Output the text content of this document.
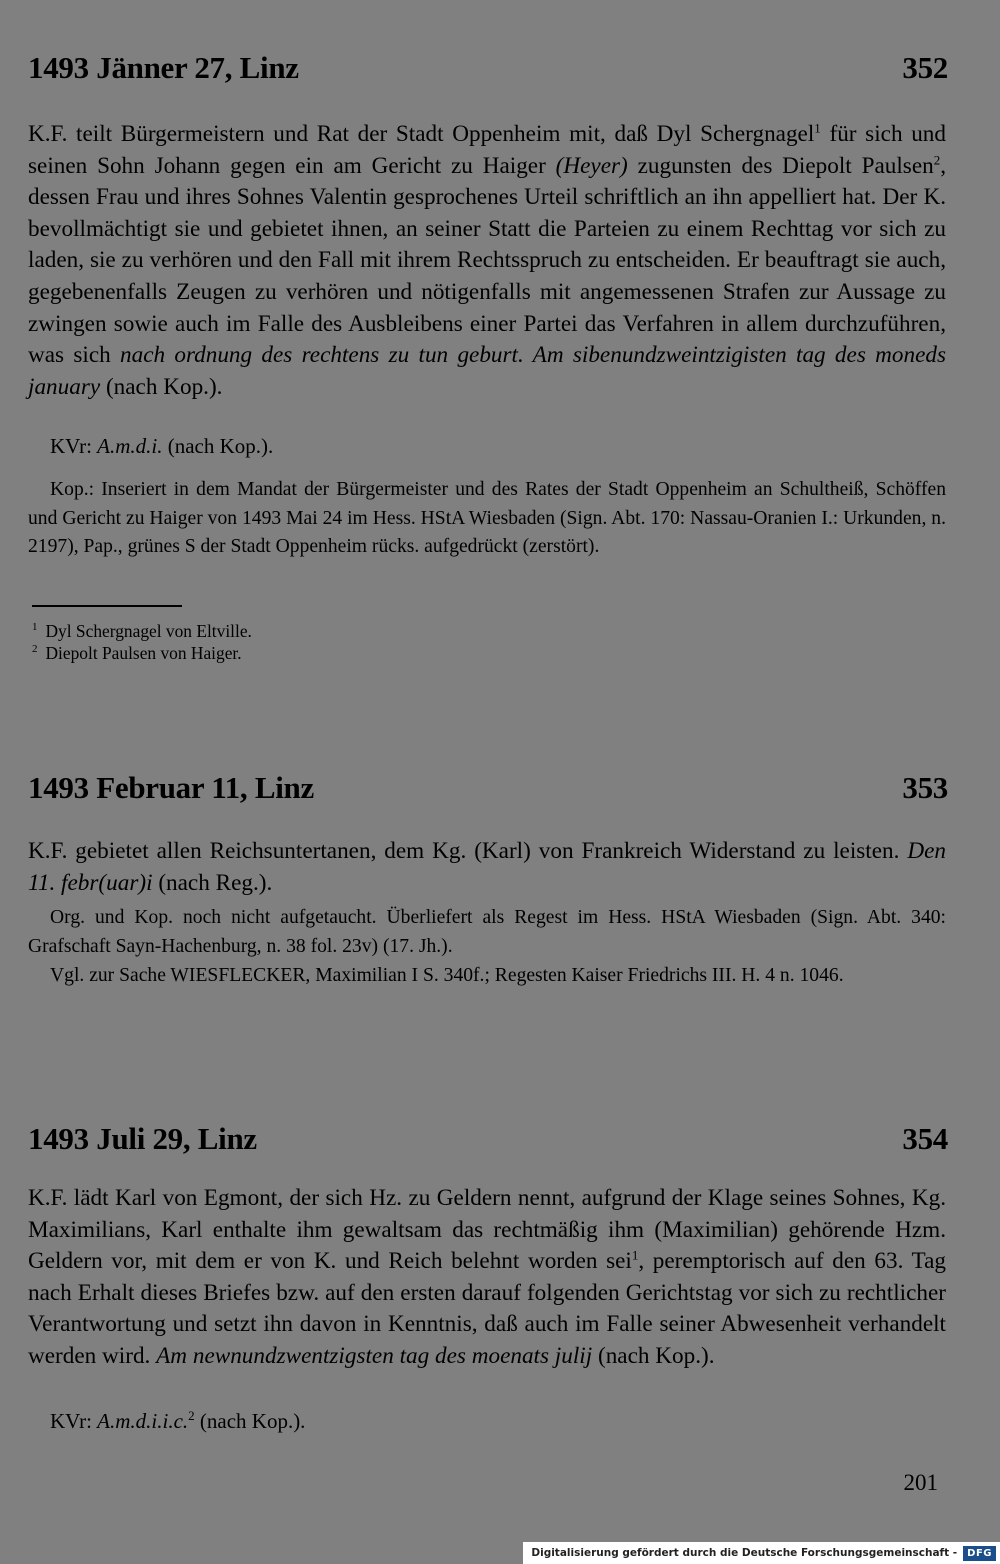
1493 Jänner 27, Linz	352

K.F. teilt Bürgermeistern und Rat der Stadt Oppenheim mit, daß Dyl Schergnagel$^1$ für sich und seinen Sohn Johann gegen ein am Gericht zu Haiger (Heyer) zugunsten des Diepolt Paulsen$^2$, dessen Frau und ihres Sohnes Valentin gesprochenes Urteil schriftlich an ihn appelliert hat. Der K. bevollmächtigt sie und gebietet ihnen, an seiner Statt die Parteien zu einem Rechttag vor sich zu laden, sie zu verhören und den Fall mit ihrem Rechtsspruch zu entscheiden. Er beauftragt sie auch, gegebenenfalls Zeugen zu verhören und nötigenfalls mit angemessenen Strafen zur Aussage zu zwingen sowie auch im Falle des Ausbleibens einer Partei das Verfahren in allem durchzuführen, was sich nach ordnung des rechtens zu tun geburt. Am sibenundzweintzigisten tag des moneds january (nach Kop.).

KVr: A.m.d.i. (nach Kop.).

Kop.: Inseriert in dem Mandat der Bürgermeister und des Rates der Stadt Oppenheim an Schultheiß, Schöffen und Gericht zu Haiger von 1493 Mai 24 im Hess. HStA Wiesbaden (Sign. Abt. 170: Nassau-Oranien I.: Urkunden, n. 2197), Pap., grünes S der Stadt Oppenheim rücks. aufgedrückt (zerstört).

$^1$ Dyl Schergnagel von Eltville.

$^2$ Diepolt Paulsen von Haiger.

1493 Februar 11, Linz	353

K.F. gebietet allen Reichsuntertanen, dem Kg. (Karl) von Frankreich Widerstand zu leisten. Den 11. febr(uar)i (nach Reg.).

Org. und Kop. noch nicht aufgetaucht. Überliefert als Regest im Hess. HStA Wiesbaden (Sign. Abt. 340: Grafschaft Sayn-Hachenburg, n. 38 fol. 23v) (17. Jh.).

Vgl. zur Sache WIESFLECKER, Maximilian I S. 340f.; Regesten Kaiser Friedrichs III. H. 4 n. 1046.

1493 Juli 29, Linz	354

K.F. lädt Karl von Egmont, der sich Hz. zu Geldern nennt, aufgrund der Klage seines Sohnes, Kg. Maximilians, Karl enthalte ihm gewaltsam das rechtmäßig ihm (Maximilian) gehörende Hzm. Geldern vor, mit dem er von K. und Reich belehnt worden sei$^1$, peremptorisch auf den 63. Tag nach Erhalt dieses Briefes bzw. auf den ersten darauf folgenden Gerichtstag vor sich zu rechtlicher Verantwortung und setzt ihn davon in Kenntnis, daß auch im Falle seiner Abwesenheit verhandelt werden wird. Am newnundzwentzigsten tag des moenats julij (nach Kop.).

KVr: A.m.d.i.i.c.$^2$ (nach Kop.).

201
Digitalisierung gefördert durch die Deutsche Forschungsgemeinschaft -	DFG
